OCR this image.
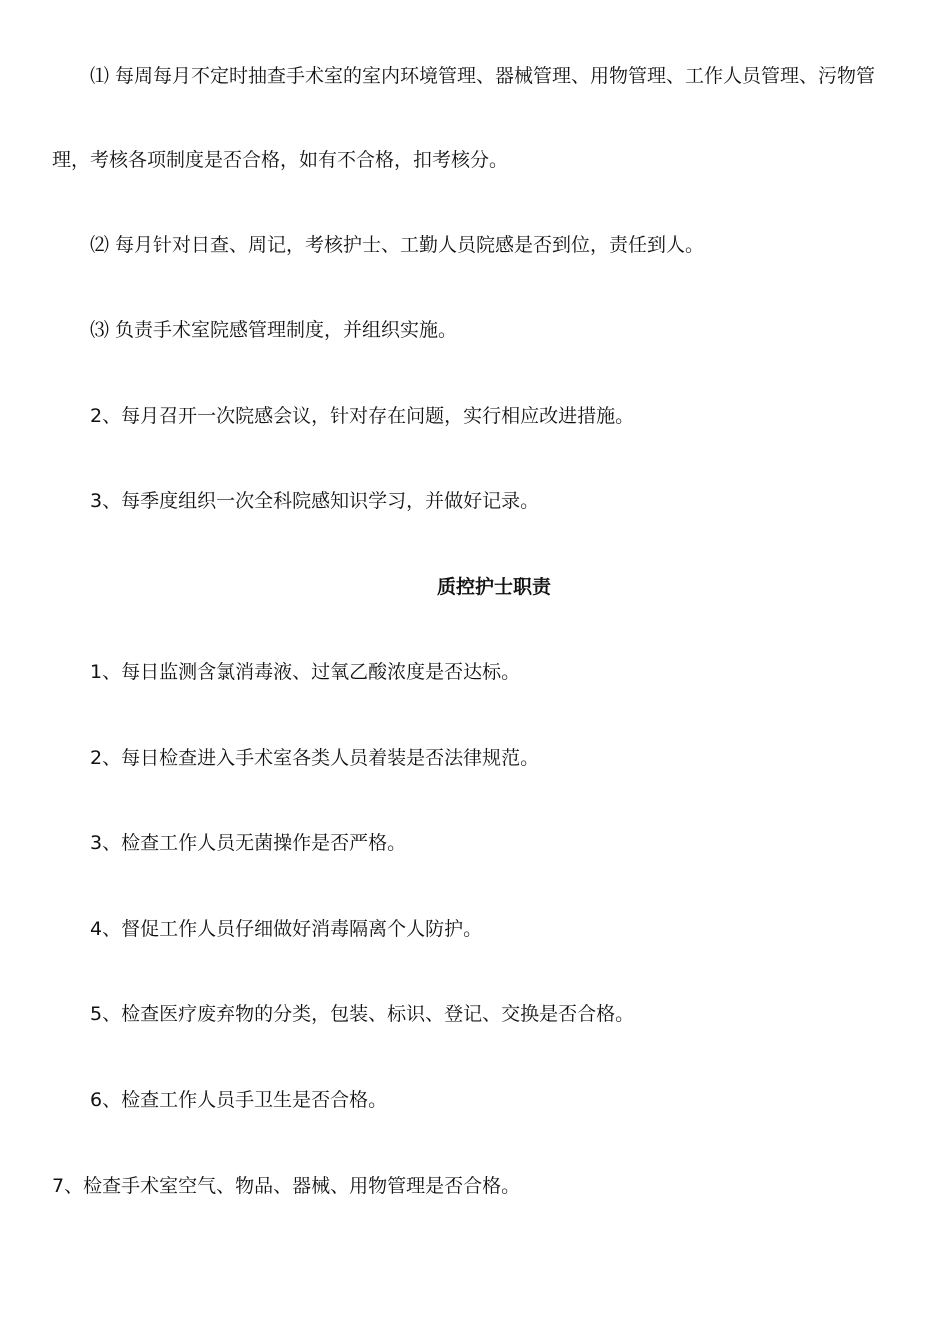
⑴ 每周每月不定时抽查手术室的室内环境管理、器械管理、用物管理、工作人员管理、污物管
理，考核各项制度是否合格，如有不合格，扣考核分。
⑵ 每月针对日查、周记，考核护士、工勤人员院感是否到位，责任到人。
⑶ 负责手术室院感管理制度，并组织实施。
2、每月召开一次院感会议，针对存在问题，实行相应改进措施。
3、每季度组织一次全科院感知识学习，并做好记录。
质控护士职责
1、每日监测含氯消毒液、过氧乙酸浓度是否达标。
2、每日检查进入手术室各类人员着装是否法律规范。
3、检查工作人员无菌操作是否严格。
4、督促工作人员仔细做好消毒隔离个人防护。
5、检查医疗废弃物的分类，包装、标识、登记、交换是否合格。
6、检查工作人员手卫生是否合格。
7、检查手术室空气、物品、器械、用物管理是否合格。
